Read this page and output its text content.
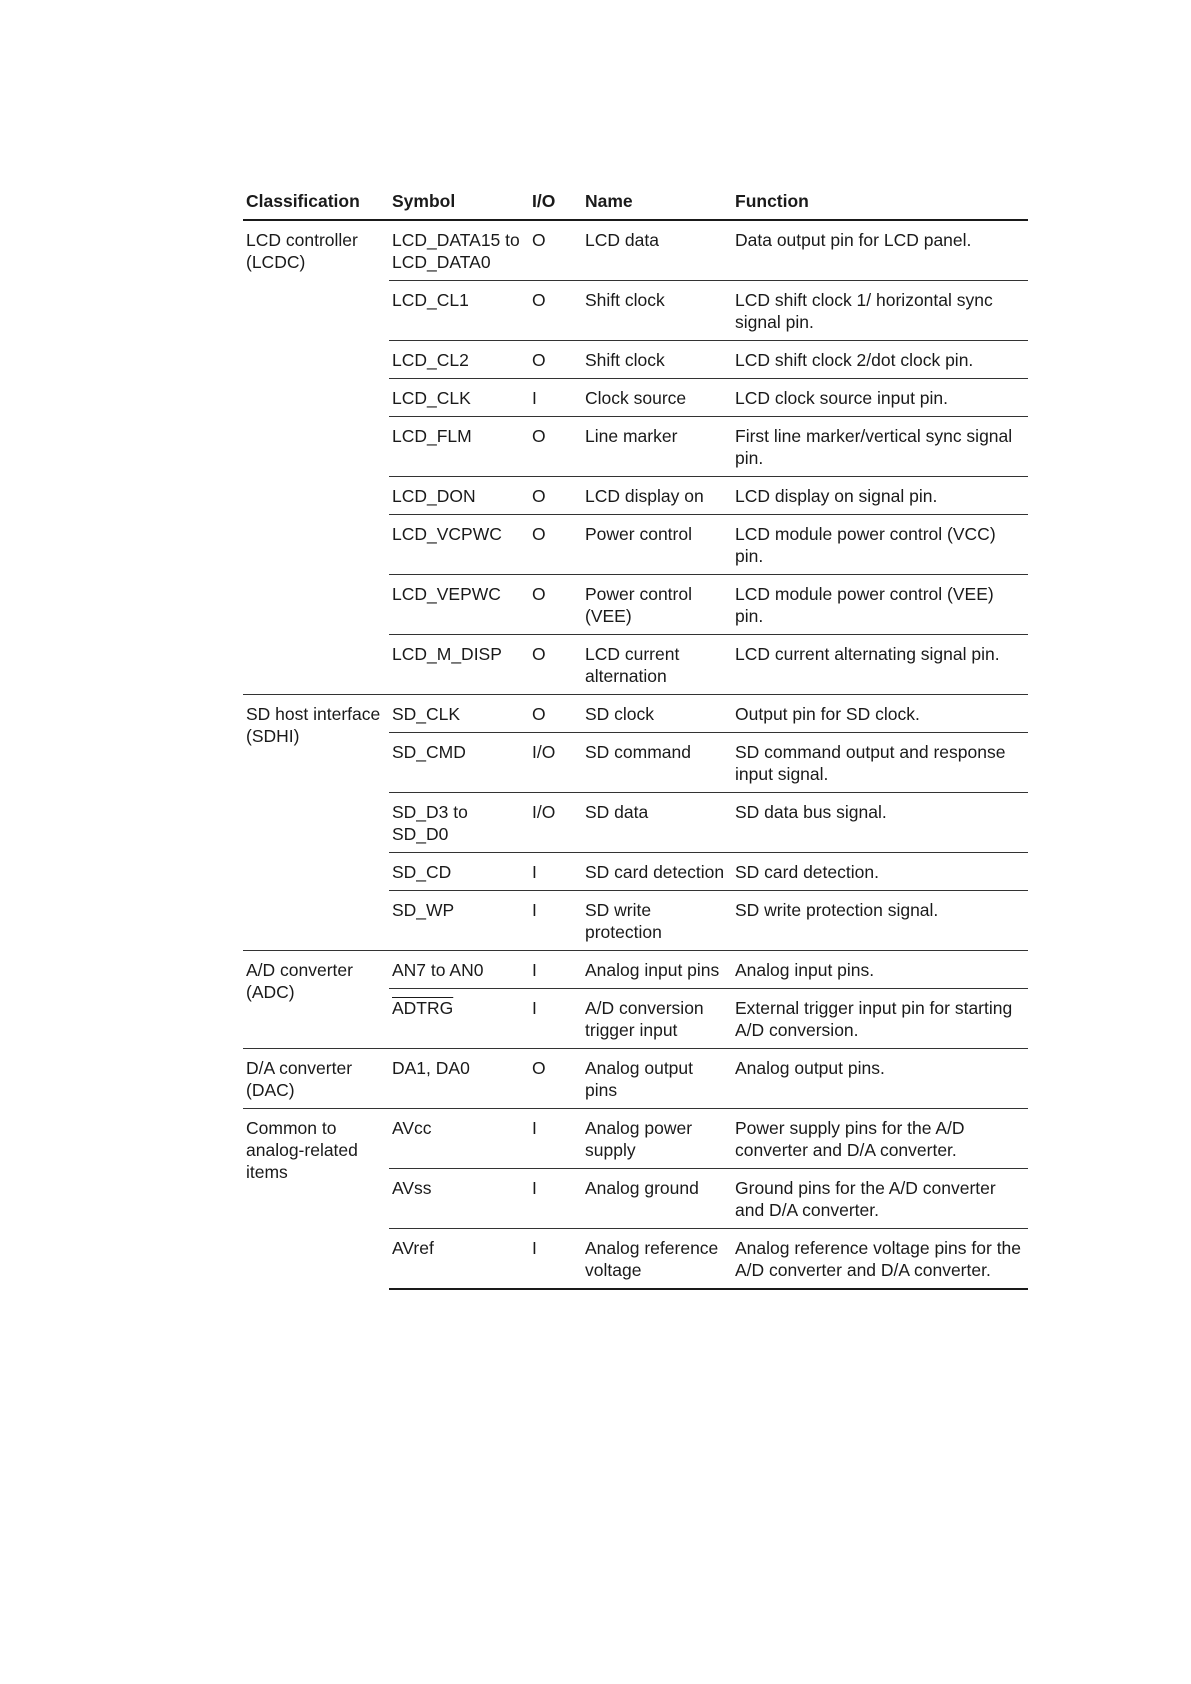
Classification	Symbol	I/O	Name	Function
LCD controller (LCDC)	LCD_DATA15 to LCD_DATA0	O	LCD data	Data output pin for LCD panel.
	LCD_CL1	O	Shift clock	LCD shift clock 1/ horizontal sync signal pin.
	LCD_CL2	O	Shift clock	LCD shift clock 2/dot clock pin.
	LCD_CLK	I	Clock source	LCD clock source input pin.
	LCD_FLM	O	Line marker	First line marker/vertical sync signal pin.
	LCD_DON	O	LCD display on	LCD display on signal pin.
	LCD_VCPWC	O	Power control	LCD module power control (VCC) pin.
	LCD_VEPWC	O	Power control (VEE)	LCD module power control (VEE) pin.
	LCD_M_DISP	O	LCD current alternation	LCD current alternating signal pin.
SD host interface (SDHI)	SD_CLK	O	SD clock	Output pin for SD clock.
	SD_CMD	I/O	SD command	SD command output and response input signal.
	SD_D3 to SD_D0	I/O	SD data	SD data bus signal.
	SD_CD	I	SD card detection	SD card detection.
	SD_WP	I	SD write protection	SD write protection signal.
A/D converter (ADC)	AN7 to AN0	I	Analog input pins	Analog input pins.
	ADTRG	I	A/D conversion trigger input	External trigger input pin for starting A/D conversion.
D/A converter (DAC)	DA1, DA0	O	Analog output pins	Analog output pins.
Common to analog-related items	AVcc	I	Analog power supply	Power supply pins for the A/D converter and D/A converter.
	AVss	I	Analog ground	Ground pins for the A/D converter and D/A converter.
	AVref	I	Analog reference voltage	Analog reference voltage pins for the A/D converter and D/A converter.
